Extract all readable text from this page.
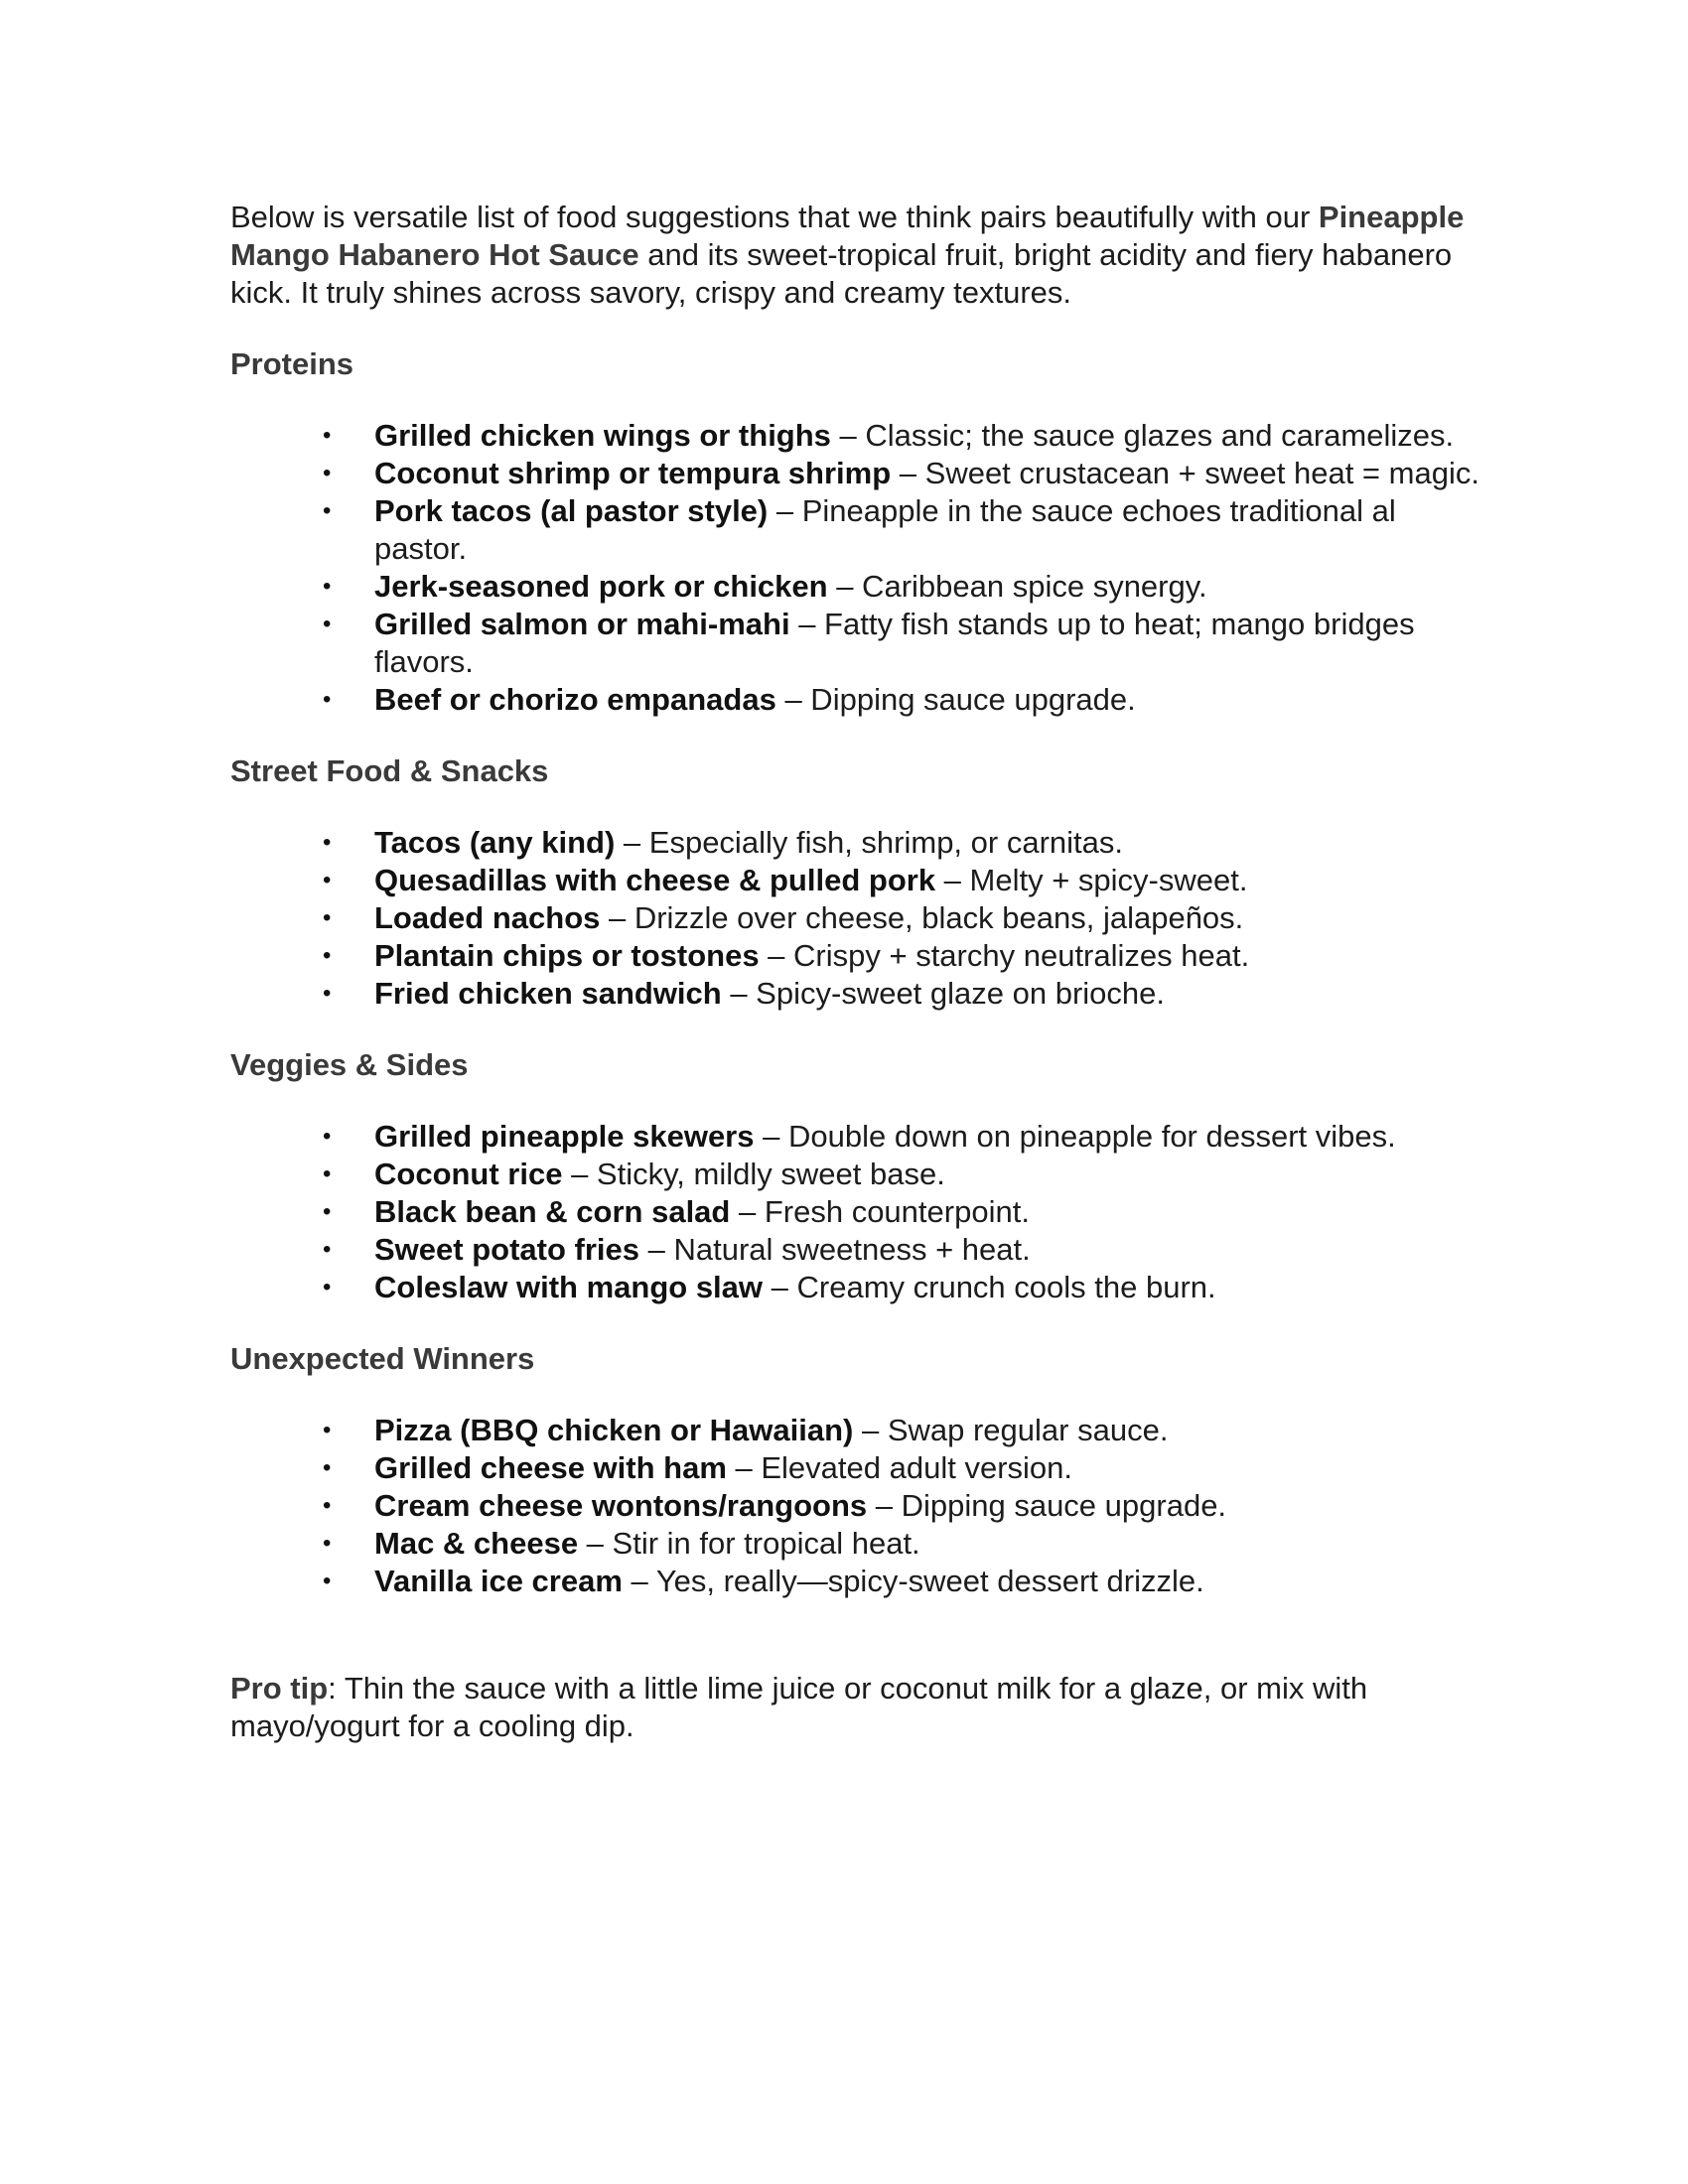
Below is versatile list of food suggestions that we think pairs beautifully with our Pineapple Mango Habanero Hot Sauce and its sweet-tropical fruit, bright acidity and fiery habanero kick. It truly shines across savory, crispy and creamy textures.

Proteins
• Grilled chicken wings or thighs – Classic; the sauce glazes and caramelizes.
• Coconut shrimp or tempura shrimp – Sweet crustacean + sweet heat = magic.
• Pork tacos (al pastor style) – Pineapple in the sauce echoes traditional al pastor.
• Jerk-seasoned pork or chicken – Caribbean spice synergy.
• Grilled salmon or mahi-mahi – Fatty fish stands up to heat; mango bridges flavors.
• Beef or chorizo empanadas – Dipping sauce upgrade.
Street Food & Snacks
• Tacos (any kind) – Especially fish, shrimp, or carnitas.
• Quesadillas with cheese & pulled pork – Melty + spicy-sweet.
• Loaded nachos – Drizzle over cheese, black beans, jalapeños.
• Plantain chips or tostones – Crispy + starchy neutralizes heat.
• Fried chicken sandwich – Spicy-sweet glaze on brioche.
Veggies & Sides
• Grilled pineapple skewers – Double down on pineapple for dessert vibes.
• Coconut rice – Sticky, mildly sweet base.
• Black bean & corn salad – Fresh counterpoint.
• Sweet potato fries – Natural sweetness + heat.
• Coleslaw with mango slaw – Creamy crunch cools the burn.
Unexpected Winners
• Pizza (BBQ chicken or Hawaiian) – Swap regular sauce.
• Grilled cheese with ham – Elevated adult version.
• Cream cheese wontons/rangoons – Dipping sauce upgrade.
• Mac & cheese – Stir in for tropical heat.
• Vanilla ice cream – Yes, really—spicy-sweet dessert drizzle.

Pro tip: Thin the sauce with a little lime juice or coconut milk for a glaze, or mix with mayo/yogurt for a cooling dip.
